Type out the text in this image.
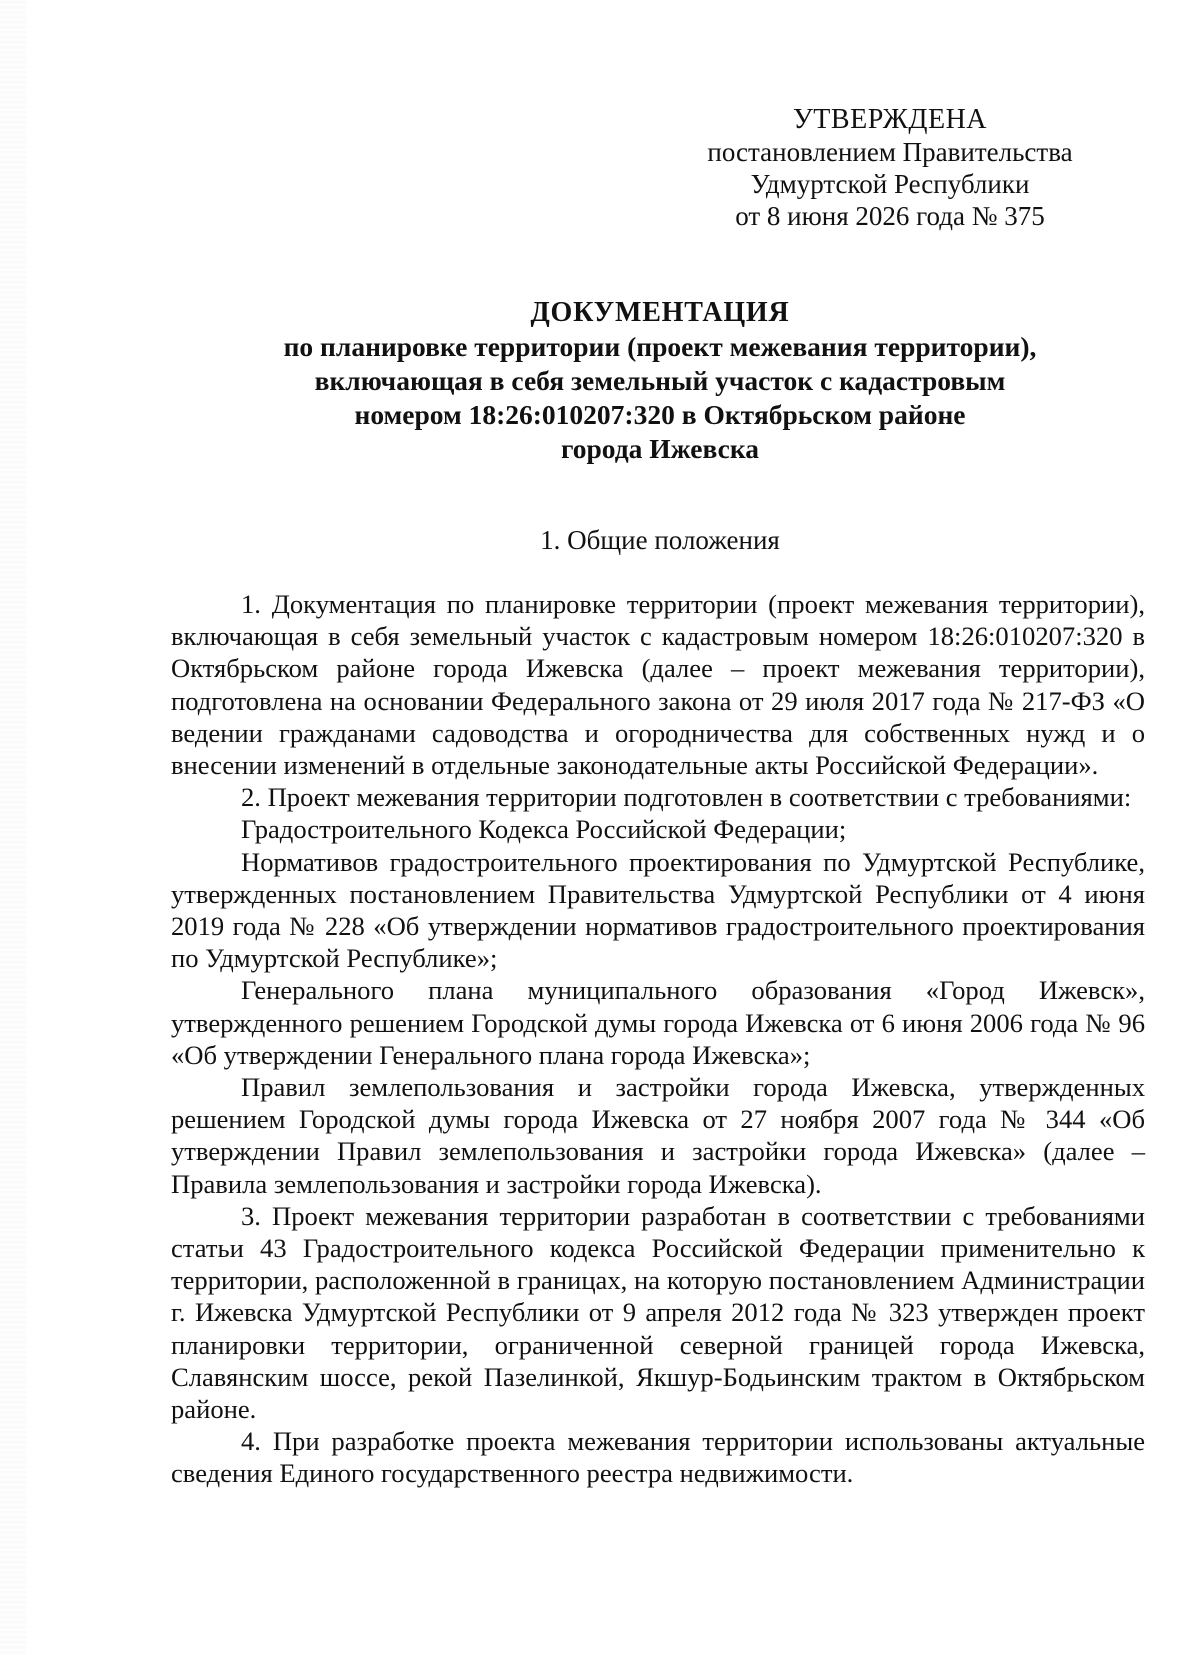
УТВЕРЖДЕНА
постановлением Правительства
Удмуртской Республики
от 8 июня 2026 года № 375
ДОКУМЕНТАЦИЯ
по планировке территории (проект межевания территории),
включающая в себя земельный участок с кадастровым
номером 18:26:010207:320 в Октябрьском районе
города Ижевска
1. Общие положения

1. Документация по планировке территории (проект межевания территории), включающая в себя земельный участок с кадастровым номером 18:26:010207:320 в Октябрьском районе города Ижевска (далее – проект межевания территории), подготовлена на основании Федерального закона от 29 июля 2017 года № 217-ФЗ «О ведении гражданами садоводства и огородничества для собственных нужд и о внесении изменений в отдельные законодательные акты Российской Федерации».

2. Проект межевания территории подготовлен в соответствии с требованиями:

Градостроительного Кодекса Российской Федерации;

Нормативов градостроительного проектирования по Удмуртской Республике, утвержденных постановлением Правительства Удмуртской Республики от 4 июня 2019 года № 228 «Об утверждении нормативов градостроительного проектирования по Удмуртской Республике»;

Генерального плана муниципального образования «Город Ижевск», утвержденного решением Городской думы города Ижевска от 6 июня 2006 года № 96 «Об утверждении Генерального плана города Ижевска»;

Правил землепользования и застройки города Ижевска, утвержденных решением Городской думы города Ижевска от 27 ноября 2007 года № 344 «Об утверждении Правил землепользования и застройки города Ижевска» (далее – Правила землепользования и застройки города Ижевска).

3. Проект межевания территории разработан в соответствии с требованиями статьи 43 Градостроительного кодекса Российской Федерации применительно к территории, расположенной в границах, на которую постановлением Администрации г. Ижевска Удмуртской Республики от 9 апреля 2012 года № 323 утвержден проект планировки территории, ограниченной северной границей города Ижевска, Славянским шоссе, рекой Пазелинкой, Якшур-Бодьинским трактом в Октябрьском районе.

4. При разработке проекта межевания территории использованы актуальные сведения Единого государственного реестра недвижимости.
